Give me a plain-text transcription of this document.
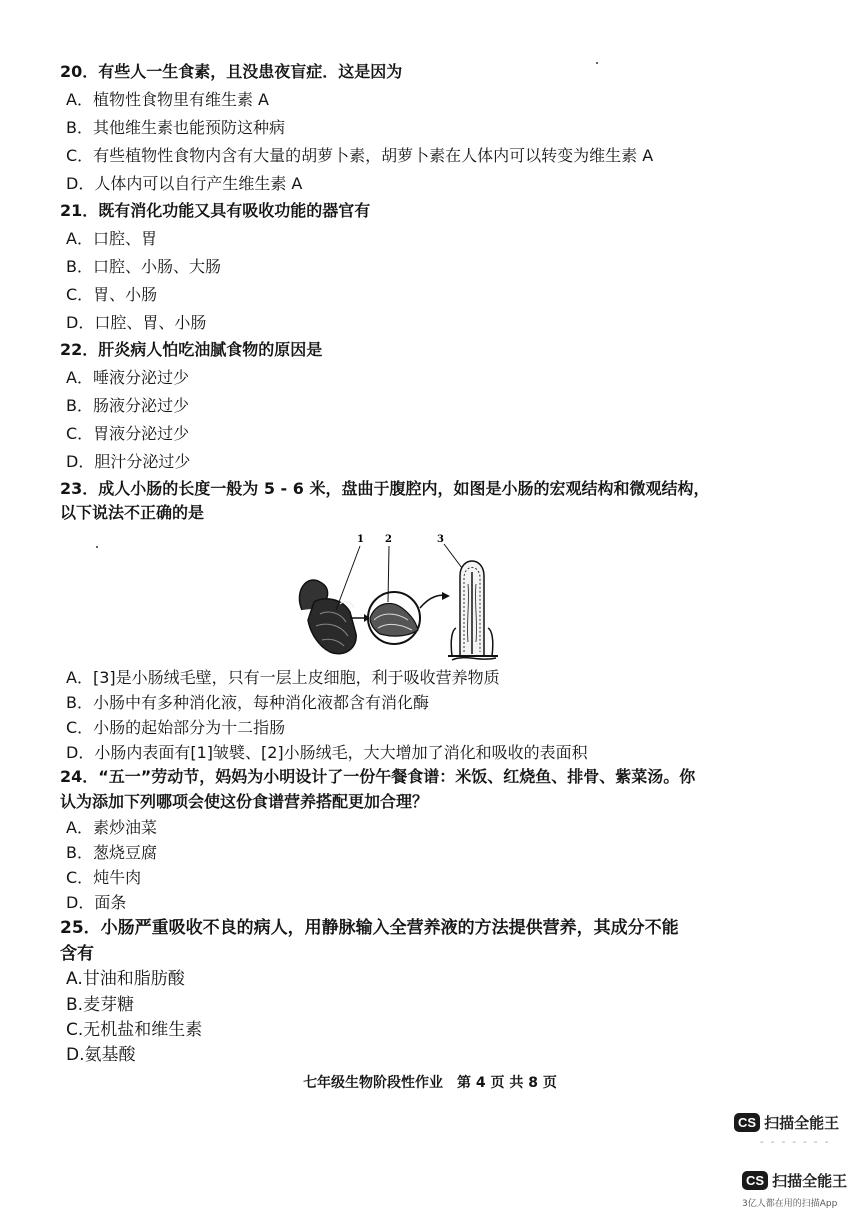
20．有些人一生食素，且没患夜盲症．这是因为
A．植物性食物里有维生素 A
B．其他维生素也能预防这种病
C．有些植物性食物内含有大量的胡萝卜素，胡萝卜素在人体内可以转变为维生素 A
D．人体内可以自行产生维生素 A
21．既有消化功能又具有吸收功能的器官有
A．口腔、胃
B．口腔、小肠、大肠
C．胃、小肠
D．口腔、胃、小肠
22．肝炎病人怕吃油腻食物的原因是
A．唾液分泌过少
B．肠液分泌过少
C．胃液分泌过少
D．胆汁分泌过少
23．成人小肠的长度一般为 5 - 6 米，盘曲于腹腔内，如图是小肠的宏观结构和微观结构，
以下说法不正确的是
1 2	3
A．[3]是小肠绒毛壁，只有一层上皮细胞，利于吸收营养物质
B．小肠中有多种消化液，每种消化液都含有消化酶
C．小肠的起始部分为十二指肠
D．小肠内表面有[1]皱襞、[2]小肠绒毛，大大增加了消化和吸收的表面积
24．“五一”劳动节，妈妈为小明设计了一份午餐食谱：米饭、红烧鱼、排骨、紫菜汤。你
认为添加下列哪项会使这份食谱营养搭配更加合理？
A．素炒油菜
B．葱烧豆腐
C．炖牛肉
D．面条
25．小肠严重吸收不良的病人，用静脉输入全营养液的方法提供营养，其成分不能
含有
A.甘油和脂肪酸
B.麦芽糖
C.无机盐和维生素
D.氨基酸
七年级生物阶段性作业　第 4 页 共 8 页
CS 扫描全能王
- - - - - - -
CS 扫描全能王
3亿人都在用的扫描App
